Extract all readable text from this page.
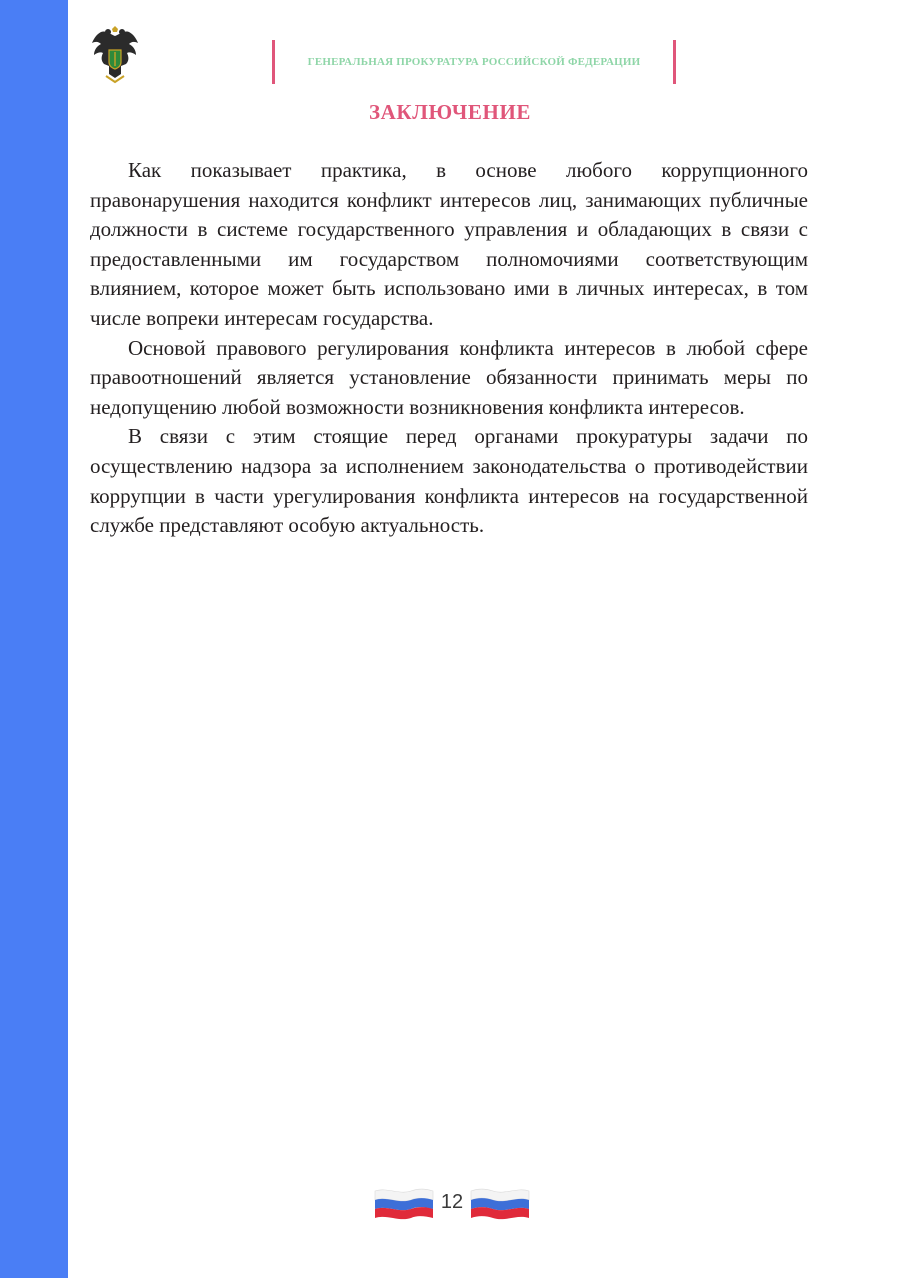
ГЕНЕРАЛЬНАЯ ПРОКУРАТУРА РОССИЙСКОЙ ФЕДЕРАЦИИ
ЗАКЛЮЧЕНИЕ

Как показывает практика, в основе любого коррупционного правонарушения находится конфликт интересов лиц, занимающих публичные должности в системе государственного управления и обладающих в связи с предоставленными им государством полномочиями соответствующим влиянием, которое может быть использовано ими в личных интересах, в том числе вопреки интересам государства.

Основой правового регулирования конфликта интересов в любой сфере правоотношений является установление обязанности принимать меры по недопущению любой возможности возникновения конфликта интересов.

В связи с этим стоящие перед органами прокуратуры задачи по осуществлению надзора за исполнением законодательства о противодействии коррупции в части урегулирования конфликта интересов на государственной службе представляют особую актуальность.

12
